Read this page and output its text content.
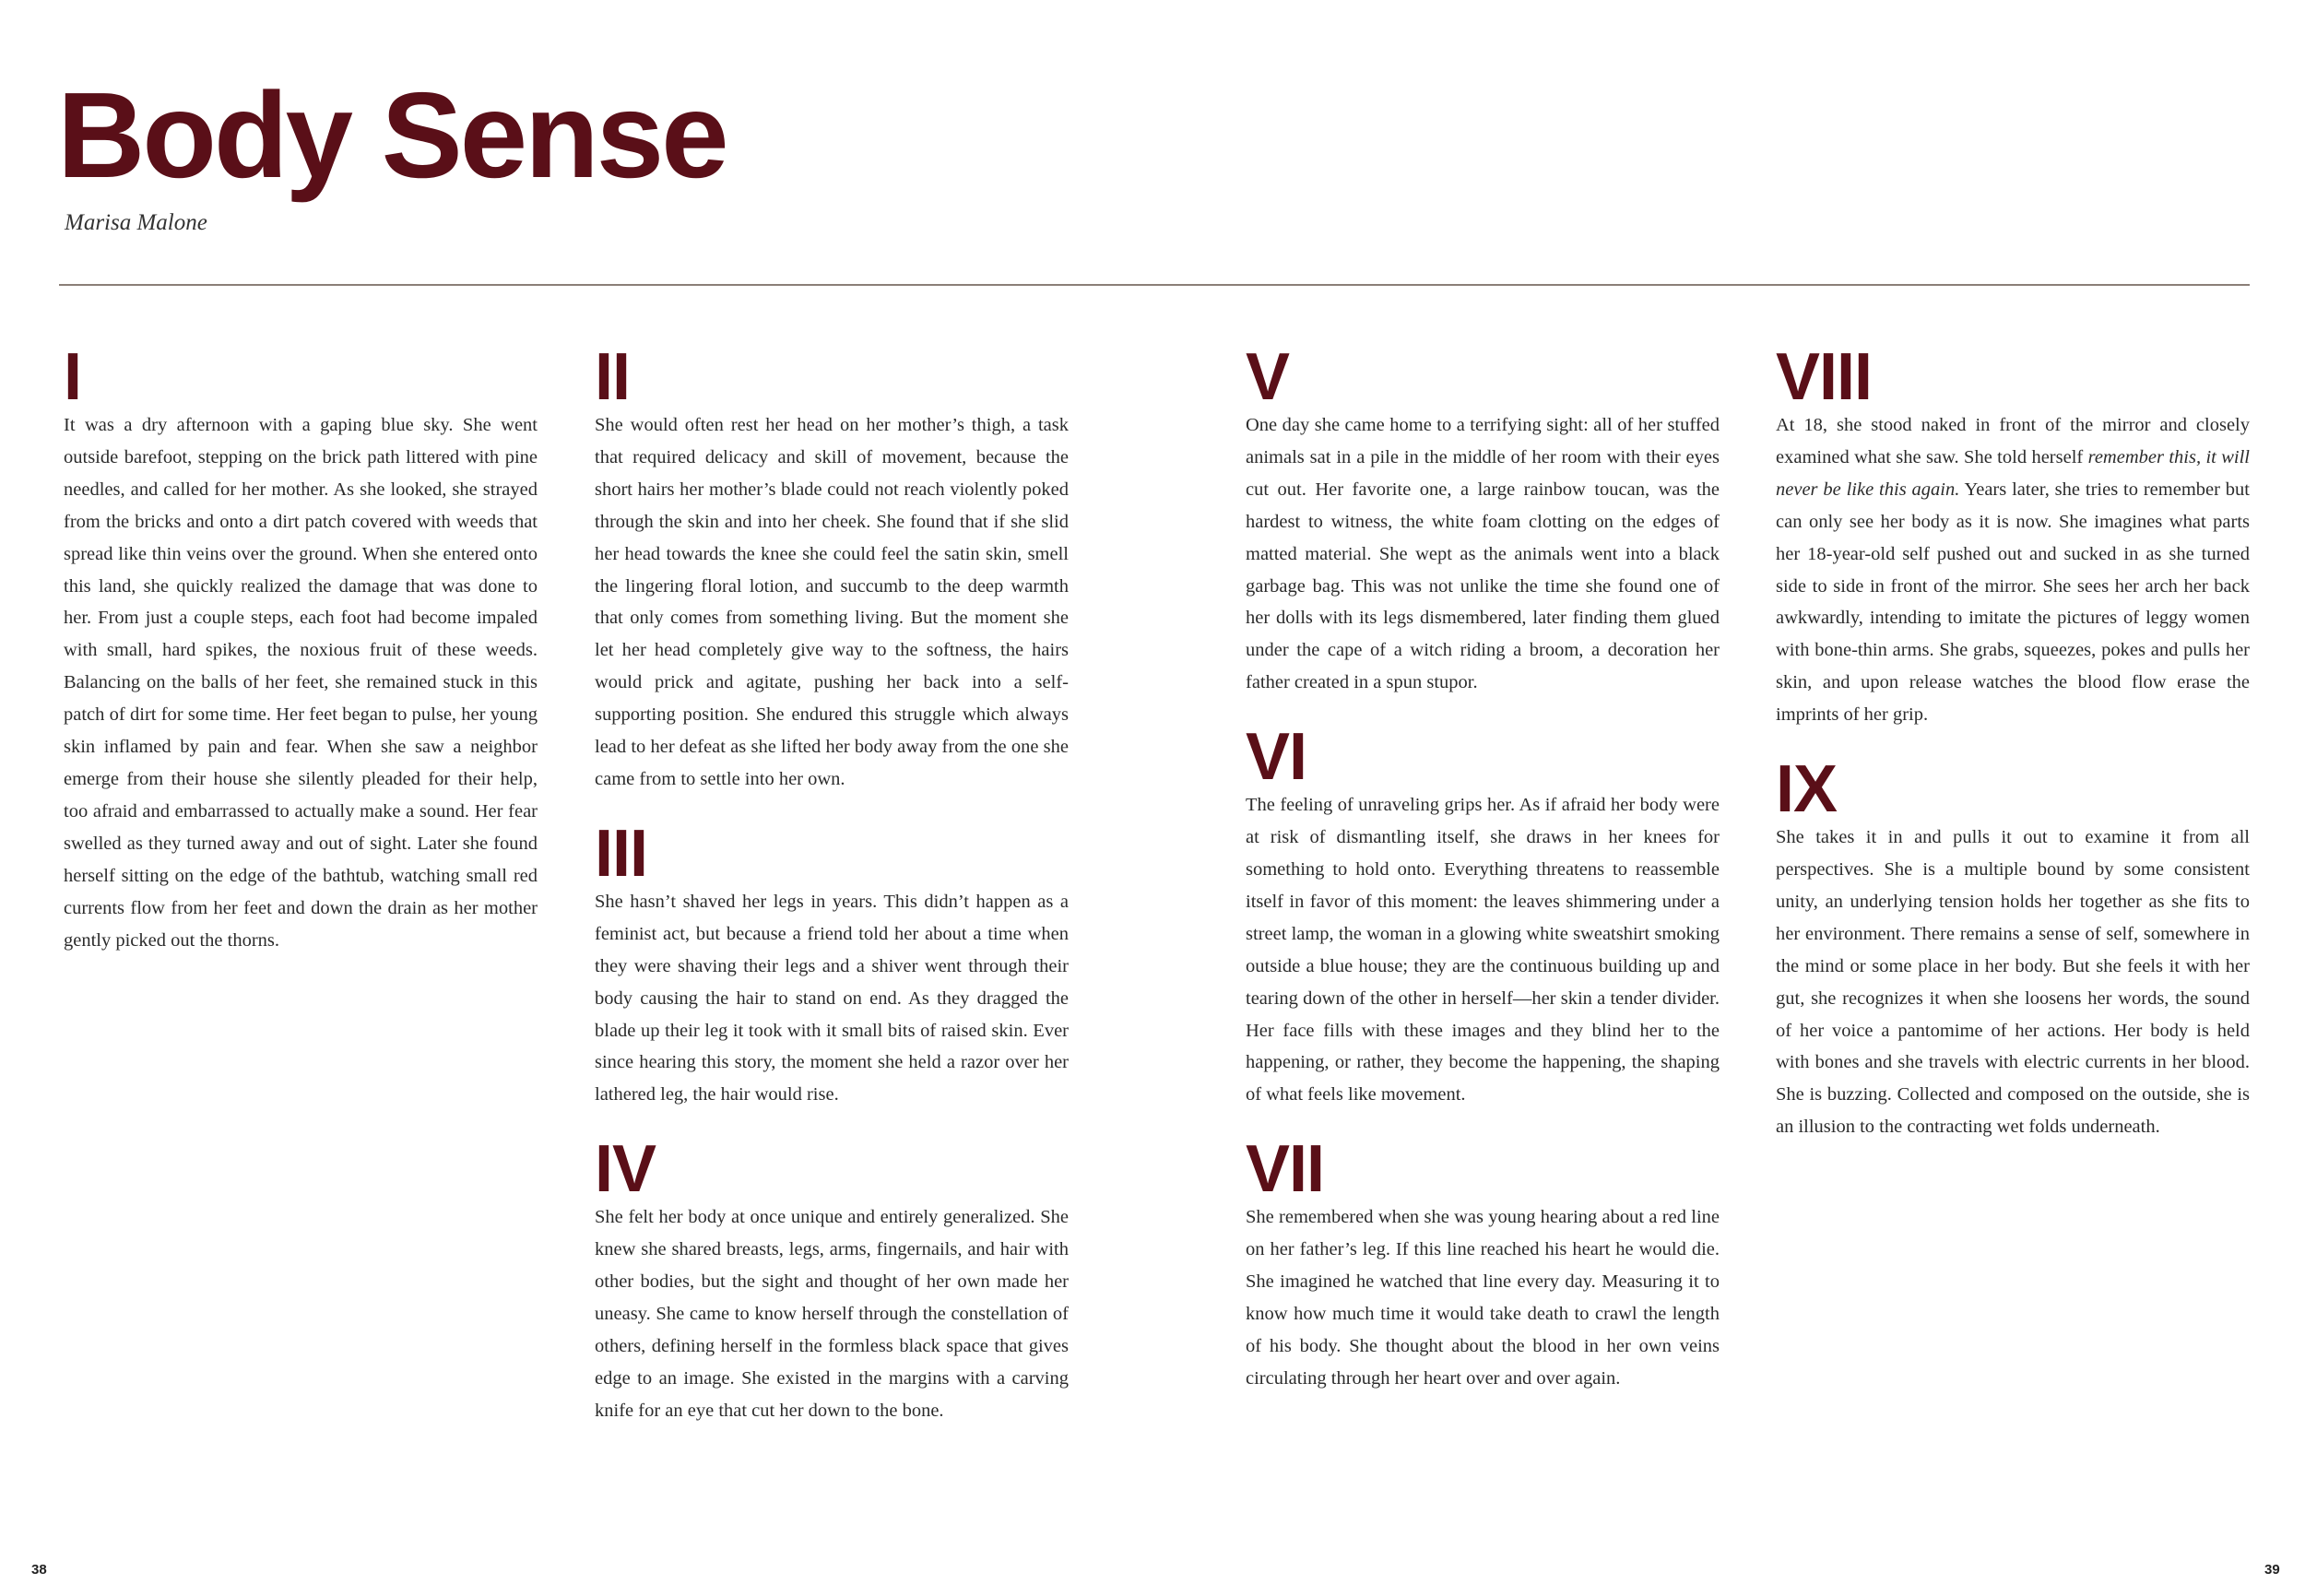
Body Sense
Marisa Malone
I

It was a dry afternoon with a gaping blue sky. She went outside barefoot, stepping on the brick path littered with pine needles, and called for her mother. As she looked, she strayed from the bricks and onto a dirt patch covered with weeds that spread like thin veins over the ground. When she entered onto this land, she quickly realized the damage that was done to her. From just a couple steps, each foot had become impaled with small, hard spikes, the noxious fruit of these weeds. Balancing on the balls of her feet, she remained stuck in this patch of dirt for some time. Her feet began to pulse, her young skin inflamed by pain and fear. When she saw a neighbor emerge from their house she silently pleaded for their help, too afraid and embarrassed to actually make a sound. Her fear swelled as they turned away and out of sight. Later she found herself sitting on the edge of the bathtub, watching small red currents flow from her feet and down the drain as her mother gently picked out the thorns.

II

She would often rest her head on her mother’s thigh, a task that required delicacy and skill of movement, because the short hairs her mother’s blade could not reach violently poked through the skin and into her cheek. She found that if she slid her head towards the knee she could feel the satin skin, smell the lingering floral lotion, and succumb to the deep warmth that only comes from something living. But the moment she let her head completely give way to the softness, the hairs would prick and agitate, pushing her back into a self-supporting position. She endured this struggle which always lead to her defeat as she lifted her body away from the one she came from to settle into her own.

III

She hasn’t shaved her legs in years. This didn’t happen as a feminist act, but because a friend told her about a time when they were shaving their legs and a shiver went through their body causing the hair to stand on end. As they dragged the blade up their leg it took with it small bits of raised skin. Ever since hearing this story, the moment she held a razor over her lathered leg, the hair would rise.

IV

She felt her body at once unique and entirely generalized. She knew she shared breasts, legs, arms, fingernails, and hair with other bodies, but the sight and thought of her own made her uneasy. She came to know herself through the constellation of others, defining herself in the formless black space that gives edge to an image. She existed in the margins with a carving knife for an eye that cut her down to the bone.

V

One day she came home to a terrifying sight: all of her stuffed animals sat in a pile in the middle of her room with their eyes cut out. Her favorite one, a large rainbow toucan, was the hardest to witness, the white foam clotting on the edges of matted material. She wept as the animals went into a black garbage bag. This was not unlike the time she found one of her dolls with its legs dismembered, later finding them glued under the cape of a witch riding a broom, a decoration her father created in a spun stupor.

VI

The feeling of unraveling grips her. As if afraid her body were at risk of dismantling itself, she draws in her knees for something to hold onto. Everything threatens to reassemble itself in favor of this moment: the leaves shimmering under a street lamp, the woman in a glowing white sweatshirt smoking outside a blue house; they are the continuous building up and tearing down of the other in herself—her skin a tender divider. Her face fills with these images and they blind her to the happening, or rather, they become the happening, the shaping of what feels like movement.

VII

She remembered when she was young hearing about a red line on her father’s leg. If this line reached his heart he would die. She imagined he watched that line every day. Measuring it to know how much time it would take death to crawl the length of his body. She thought about the blood in her own veins circulating through her heart over and over again.

VIII

At 18, she stood naked in front of the mirror and closely examined what she saw. She told herself remember this, it will never be like this again. Years later, she tries to remember but can only see her body as it is now. She imagines what parts her 18-year-old self pushed out and sucked in as she turned side to side in front of the mirror. She sees her arch her back awkwardly, intending to imitate the pictures of leggy women with bone-thin arms. She grabs, squeezes, pokes and pulls her skin, and upon release watches the blood flow erase the imprints of her grip.

IX

She takes it in and pulls it out to examine it from all perspectives. She is a multiple bound by some consistent unity, an underlying tension holds her together as she fits to her environment. There remains a sense of self, somewhere in the mind or some place in her body. But she feels it with her gut, she recognizes it when she loosens her words, the sound of her voice a pantomime of her actions. Her body is held with bones and she travels with electric currents in her blood. She is buzzing. Collected and composed on the outside, she is an illusion to the contracting wet folds underneath.

38	39
